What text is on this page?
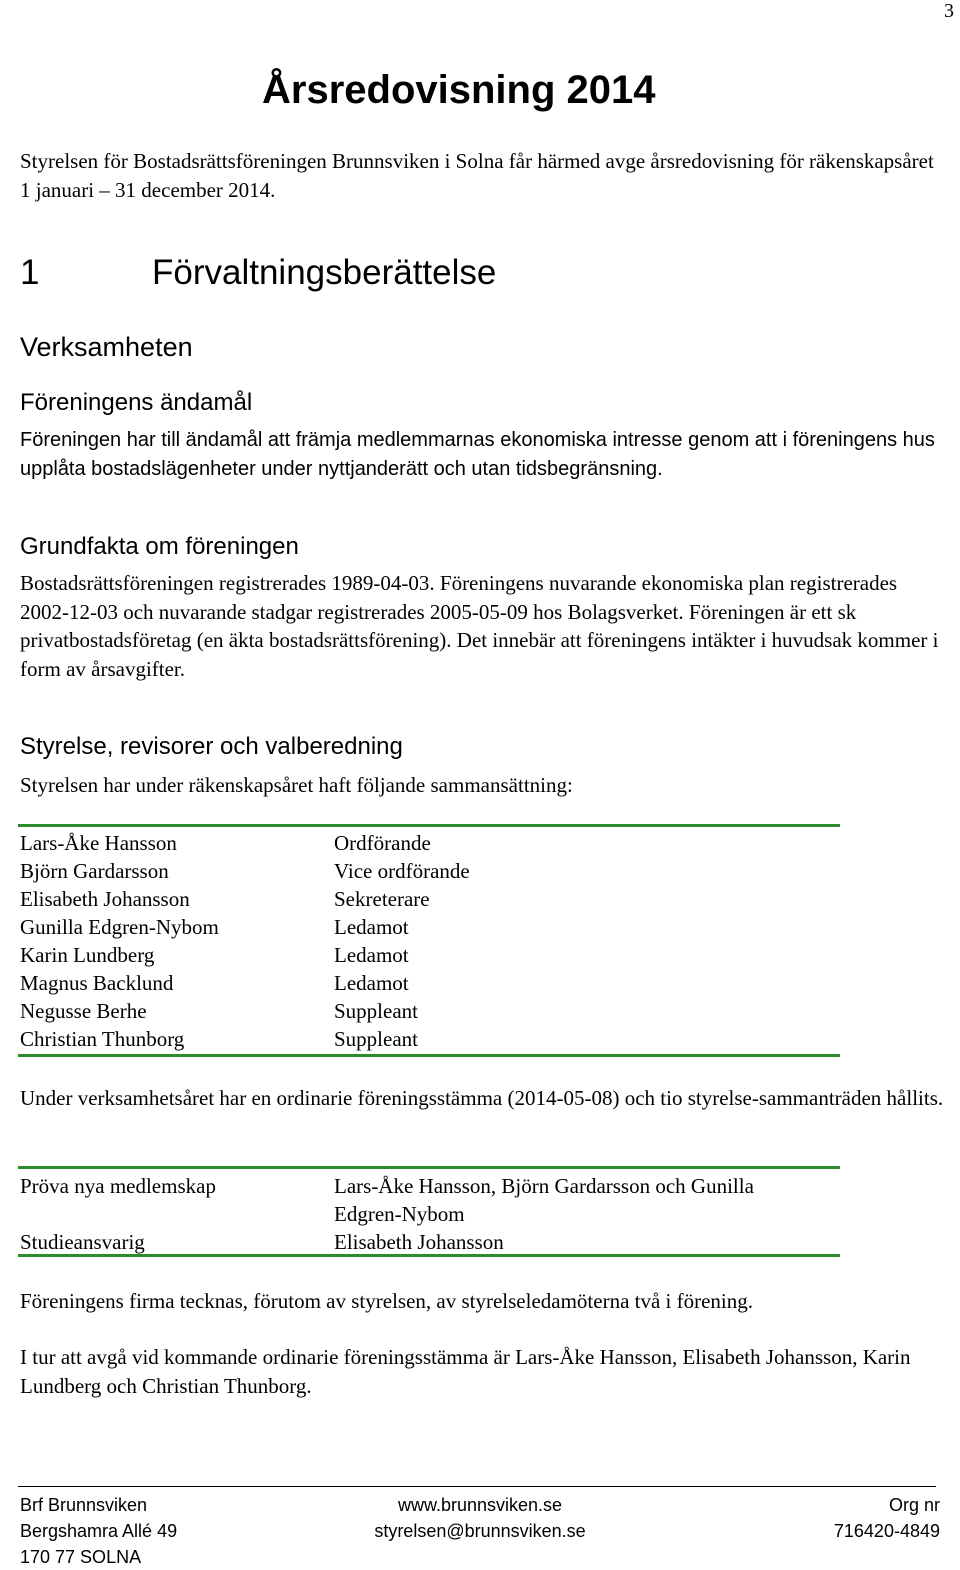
3
Årsredovisning 2014
Styrelsen för Bostadsrättsföreningen Brunnsviken i Solna får härmed avge årsredovisning för räkenskapsåret 1 januari – 31 december 2014.
1	Förvaltningsberättelse
Verksamheten
Föreningens ändamål
Föreningen har till ändamål att främja medlemmarnas ekonomiska intresse genom att i föreningens hus upplåta bostadslägenheter under nyttjanderätt och utan tidsbegränsning.
Grundfakta om föreningen
Bostadsrättsföreningen registrerades 1989-04-03. Föreningens nuvarande ekonomiska plan registrerades 2002-12-03 och nuvarande stadgar registrerades 2005-05-09 hos Bolagsverket. Föreningen är ett sk privatbostadsföretag (en äkta bostadsrättsförening). Det innebär att föreningens intäkter i huvudsak kommer i form av årsavgifter.
Styrelse, revisorer och valberedning
Styrelsen har under räkenskapsåret haft följande sammansättning:
Lars-Åke Hansson	Ordförande
Björn Gardarsson	Vice ordförande
Elisabeth Johansson	Sekreterare
Gunilla Edgren-Nybom	Ledamot
Karin Lundberg	Ledamot
Magnus Backlund	Ledamot
Negusse Berhe	Suppleant
Christian Thunborg	Suppleant
Under verksamhetsåret har en ordinarie föreningsstämma (2014-05-08) och tio styrelse-sammanträden hållits.
Pröva nya medlemskap	Lars-Åke Hansson, Björn Gardarsson och Gunilla
Edgren-Nybom
Studieansvarig	Elisabeth Johansson
Föreningens firma tecknas, förutom av styrelsen, av styrelseledamöterna två i förening.
I tur att avgå vid kommande ordinarie föreningsstämma är Lars-Åke Hansson, Elisabeth Johansson, Karin Lundberg och Christian Thunborg.
Brf Brunnsviken
Bergshamra Allé 49
170 77 SOLNA
www.brunnsviken.se
styrelsen@brunnsviken.se
Org nr
716420-4849
